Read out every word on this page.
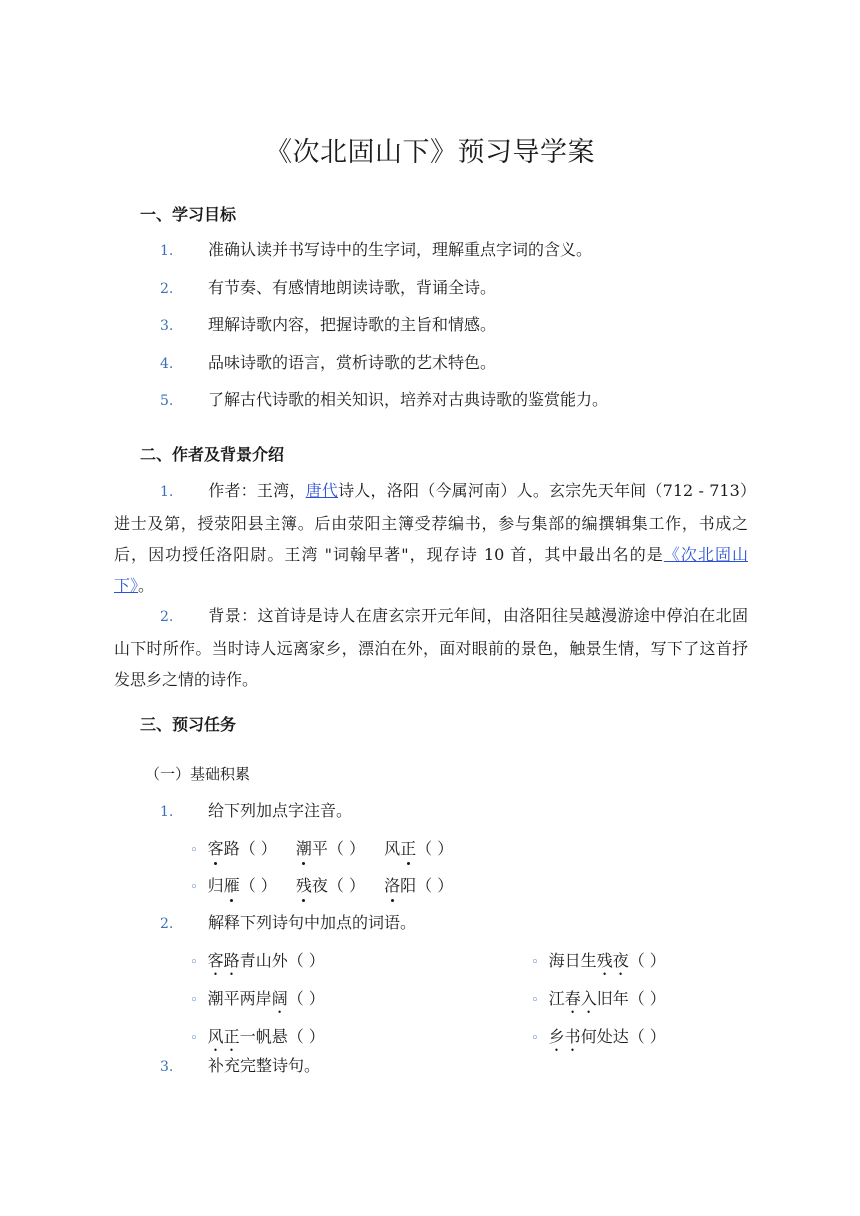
《次北固山下》预习导学案
一、学习目标
1. 准确认读并书写诗中的生字词，理解重点字词的含义。
2. 有节奏、有感情地朗读诗歌，背诵全诗。
3. 理解诗歌内容，把握诗歌的主旨和情感。
4. 品味诗歌的语言，赏析诗歌的艺术特色。
5. 了解古代诗歌的相关知识，培养对古典诗歌的鉴赏能力。
二、作者及背景介绍
1. 作者：王湾，唐代诗人，洛阳（今属河南）人。玄宗先天年间（712 - 713）进士及第，授荥阳县主簿。后由荥阳主簿受荐编书，参与集部的编撰辑集工作，书成之后，因功授任洛阳尉。王湾 "词翰早著"，现存诗 10 首，其中最出名的是《次北固山下》。
2. 背景：这首诗是诗人在唐玄宗开元年间，由洛阳往吴越漫游途中停泊在北固山下时所作。当时诗人远离家乡，漂泊在外，面对眼前的景色，触景生情，写下了这首抒发思乡之情的诗作。
三、预习任务
（一）基础积累
1. 给下列加点字注音。
◦ 客路（ ） 潮平（ ） 风正（ ）
◦ 归雁（ ） 残夜（ ） 洛阳（ ）
2. 解释下列诗句中加点的词语。
◦ 客路青山外（ ）
◦ 潮平两岸阔（ ）
◦ 风正一帆悬（ ）
◦ 海日生残夜（ ）
◦ 江春入旧年（ ）
◦ 乡书何处达（ ）
3. 补充完整诗句。
